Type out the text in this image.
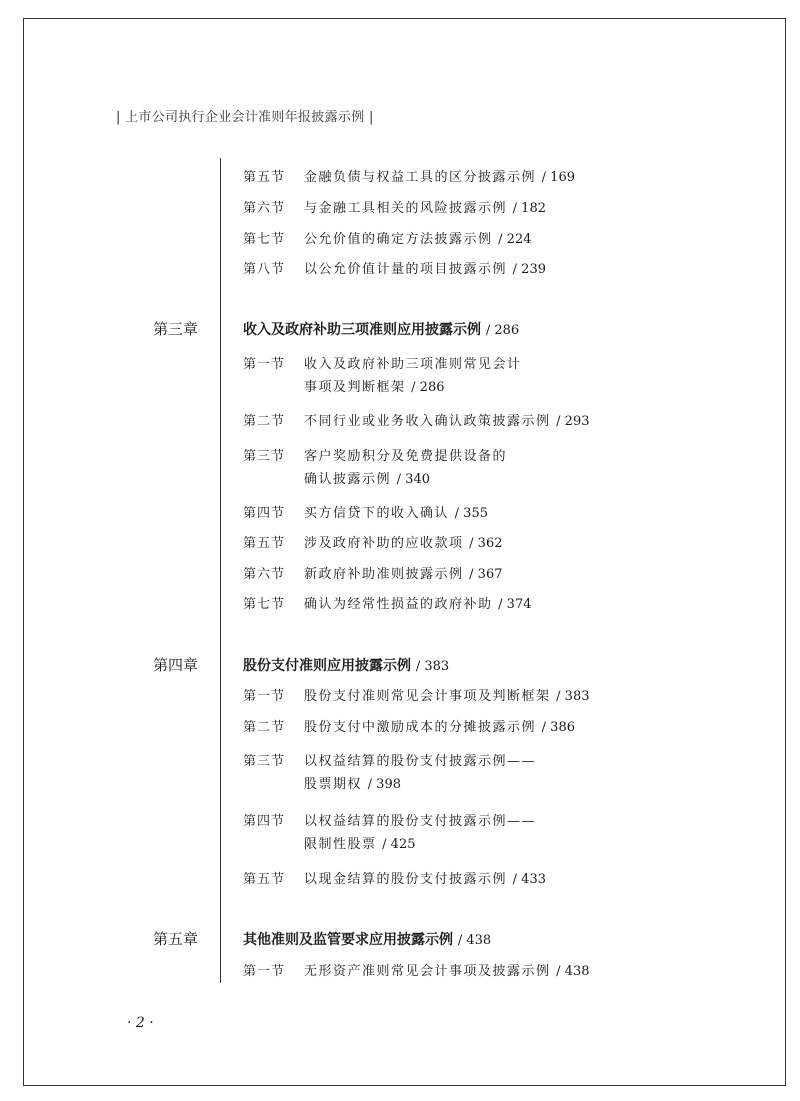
| 上市公司执行企业会计准则年报披露示例 |
第五节 金融负债与权益工具的区分披露示例 / 169
第六节 与金融工具相关的风险披露示例 / 182
第七节 公允价值的确定方法披露示例 / 224
第八节 以公允价值计量的项目披露示例 / 239
第三章	收入及政府补助三项准则应用披露示例 / 286
第一节 收入及政府补助三项准则常见会计
事项及判断框架 / 286
第二节 不同行业或业务收入确认政策披露示例 / 293
第三节 客户奖励积分及免费提供设备的
确认披露示例 / 340
第四节 买方信贷下的收入确认 / 355
第五节 涉及政府补助的应收款项 / 362
第六节 新政府补助准则披露示例 / 367
第七节 确认为经常性损益的政府补助 / 374
第四章	股份支付准则应用披露示例 / 383
第一节 股份支付准则常见会计事项及判断框架 / 383
第二节 股份支付中激励成本的分摊披露示例 / 386
第三节 以权益结算的股份支付披露示例——
股票期权 / 398
第四节 以权益结算的股份支付披露示例——
限制性股票 / 425
第五节 以现金结算的股份支付披露示例 / 433
第五章	其他准则及监管要求应用披露示例 / 438
第一节 无形资产准则常见会计事项及披露示例 / 438
· 2 ·
